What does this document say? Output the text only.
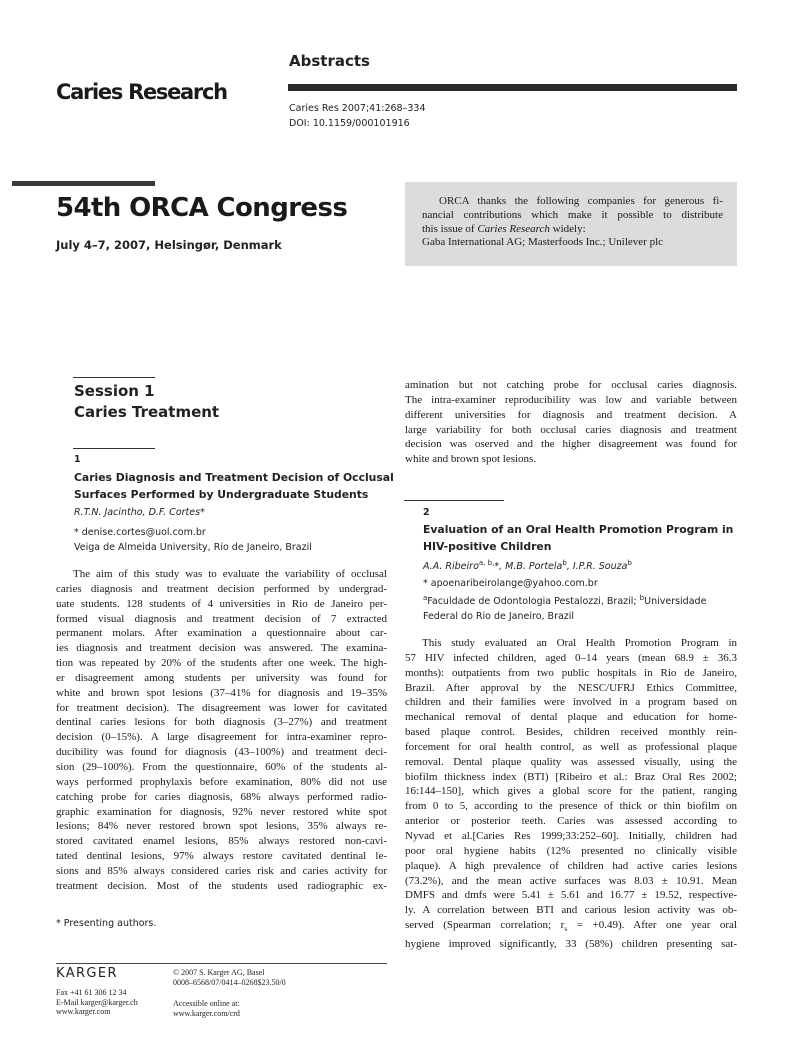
Abstracts
Caries Research
Caries Res 2007;41:268–334
DOI: 10.1159/000101916
54th ORCA Congress
July 4–7, 2007, Helsingør, Denmark
ORCA thanks the following companies for generous fi-
nancial contributions which make it possible to distribute
this issue of Caries Research widely:
Gaba International AG; Masterfoods Inc.; Unilever plc
Session 1
Caries Treatment
1
Caries Diagnosis and Treatment Decision of Occlusal
Surfaces Performed by Undergraduate Students
R.T.N. Jacintho, D.F. Cortes*
* denise.cortes@uol.com.br
Veiga de Almeida University, Rio de Janeiro, Brazil
The aim of this study was to evaluate the variability of occlusal
caries diagnosis and treatment decision performed by undergrad-
uate students. 128 students of 4 universities in Rio de Janeiro per-
formed visual diagnosis and treatment decision of 7 extracted
permanent molars. After examination a questionnaire about car-
ies diagnosis and treatment decision was answered. The examina-
tion was repeated by 20% of the students after one week. The high-
er disagreement among students per university was found for
white and brown spot lesions (37–41% for diagnosis and 19–35%
for treatment decision). The disagreement was lower for cavitated
dentinal caries lesions for both diagnosis (3–27%) and treatment
decision (0–15%). A large disagreement for intra-examiner repro-
ducibility was found for diagnosis (43–100%) and treatment deci-
sion (29–100%). From the questionnaire, 60% of the students al-
ways performed prophylaxis before examination, 80% did not use
catching probe for caries diagnosis, 68% always performed radio-
graphic examination for diagnosis, 92% never restored white spot
lesions; 84% never restored brown spot lesions, 35% always re-
stored cavitated enamel lesions, 85% always restored non-cavi-
tated dentinal lesions, 97% always restore cavitated dentinal le-
sions and 85% always considered caries risk and caries activity for
treatment decision. Most of the students used radiographic ex-
amination but not catching probe for occlusal caries diagnosis.
The intra-examiner reproducibility was low and variable between
different universities for diagnosis and treatment decision. A
large variability for both occlusal caries diagnosis and treatment
decision was oserved and the higher disagreement was found for
white and brown spot lesions.
2
Evaluation of an Oral Health Promotion Program in
HIV-positive Children
A.A. Ribeiro$^{a, b,}$*, M.B. Portela$^b$, I.P.R. Souza$^b$
* apoenaribeirolange@yahoo.com.br
$^a$Faculdade de Odontologia Pestalozzi, Brazil; $^b$Universidade
Federal do Rio de Janeiro, Brazil
This study evaluated an Oral Health Promotion Program in
57 HIV infected children, aged 0–14 years (mean 68.9 ± 36.3
months): outpatients from two public hospitals in Rio de Janeiro,
Brazil. After approval by the NESC/UFRJ Ethics Committee,
children and their families were involved in a program based on
mechanical removal of dental plaque and education for home-
based plaque control. Besides, children received monthly rein-
forcement for oral health control, as well as professional plaque
removal. Dental plaque quality was assessed visually, using the
biofilm thickness index (BTI) [Ribeiro et al.: Braz Oral Res 2002;
16:144–150], which gives a global score for the patient, ranging
from 0 to 5, according to the presence of thick or thin biofilm on
anterior or posterior teeth. Caries was assessed according to
Nyvad et al.[Caries Res 1999;33:252–60]. Initially, children had
poor oral hygiene habits (12% presented no clinically visible
plaque). A high prevalence of children had active caries lesions
(73.2%), and the mean active surfaces was 8.03 ± 10.91. Mean
DMFS and dmfs were 5.41 ± 5.61 and 16.77 ± 19.52, respective-
ly. A correlation between BTI and carious lesion activity was ob-
served (Spearman correlation; $r_s = +0.49$). After one year oral
hygiene improved significantly, 33 (58%) children presenting sat-
* Presenting authors.
KARGER
Fax +41 61 306 12 34
E-Mail karger@karger.ch
www.karger.com
© 2007 S. Karger AG, Basel
0008–6568/07/0414–0268$23.50/0
Accessible online at:
www.karger.com/crd
